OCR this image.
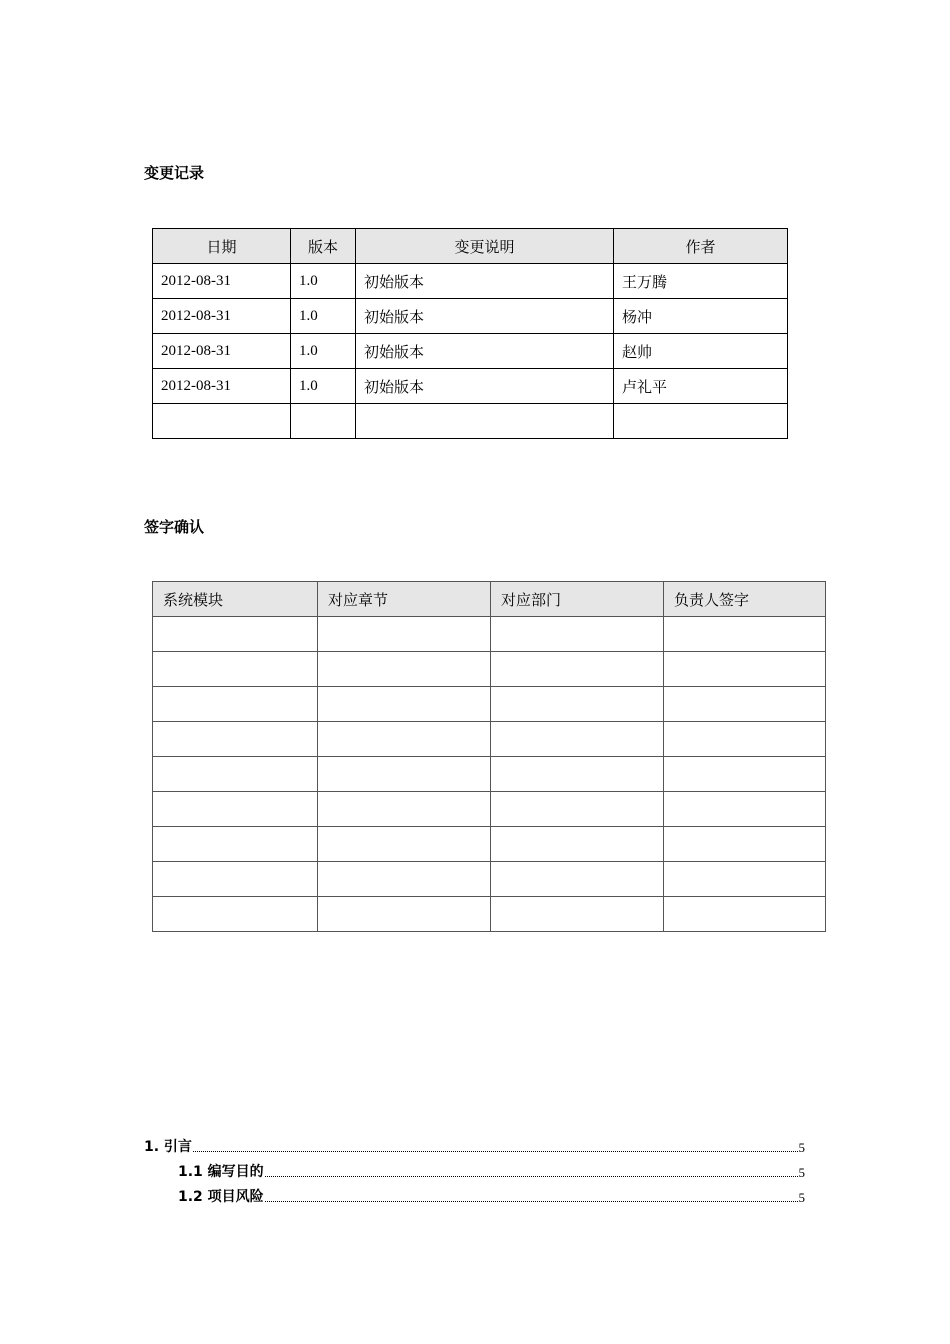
变更记录
日期	版本	变更说明	作者
2012-08-31	1.0	初始版本	王万腾
2012-08-31	1.0	初始版本	杨冲
2012-08-31	1.0	初始版本	赵帅
2012-08-31	1.0	初始版本	卢礼平

签字确认
系统模块	对应章节	对应部门	负责人签字

1. 引言	5
1.1 编写目的	5
1.2 项目风险	5
